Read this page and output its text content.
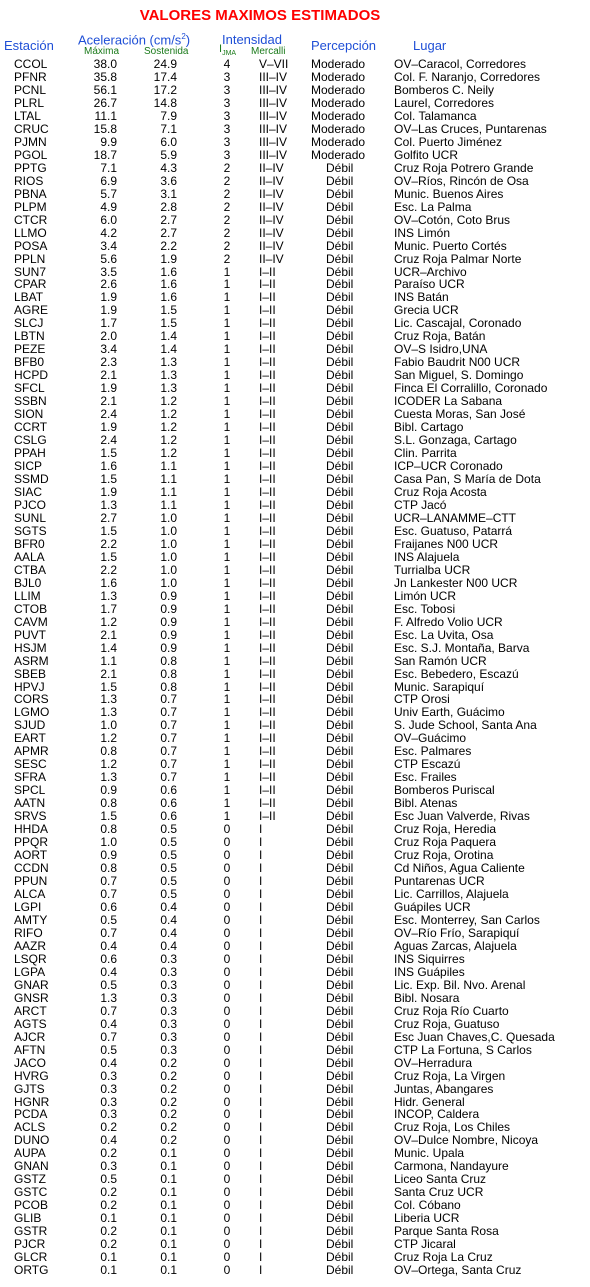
VALORES MAXIMOS ESTIMADOS
Estación Aceleración $(cm/s^2)$
Máxima Sostenida
Intensidad
$I_{JMA}$ Mercalli Percepción	Lugar
CCOL	38.0	24.9	4 V–VII Moderado OV–Caracol, Corredores
PFNR	35.8	17.4	3 III–IV Moderado Col. F. Naranjo, Corredores
PCNL	56.1	17.2	3 III–IV Moderado Bomberos C. Neily
PLRL	26.7	14.8	3 III–IV Moderado Laurel, Corredores
LTAL	11.1	7.9	3 III–IV Moderado Col. Talamanca
CRUC	15.8	7.1	3 III–IV Moderado OV–Las Cruces, Puntarenas
PJMN	9.9	6.0	3 III–IV Moderado Col. Puerto Jiménez
PGOL	18.7	5.9	3 III–IV Moderado Golfito UCR
PPTG	7.1	4.3	2 II–IV	Débil	Cruz Roja Potrero Grande
RIOS	6.9	3.6	2 II–IV	Débil	OV–Ríos, Rincón de Osa
PBNA	5.7	3.1	2 II–IV	Débil	Munic. Buenos Aires
PLPM	4.9	2.8	2 II–IV	Débil	Esc. La Palma
CTCR	6.0	2.7	2 II–IV	Débil	OV–Cotón, Coto Brus
LLMO	4.2	2.7	2 II–IV	Débil	INS Limón
POSA	3.4	2.2	2 II–IV	Débil	Munic. Puerto Cortés
PPLN	5.6	1.9	2 II–IV	Débil	Cruz Roja Palmar Norte
SUN7	3.5	1.6	1 I–II	Débil	UCR–Archivo
CPAR	2.6	1.6	1 I–II	Débil	Paraíso UCR
LBAT	1.9	1.6	1 I–II	Débil	INS Batán
AGRE	1.9	1.5	1 I–II	Débil	Grecia UCR
SLCJ	1.7	1.5	1 I–II	Débil	Lic. Cascajal, Coronado
LBTN	2.0	1.4	1 I–II	Débil	Cruz Roja, Batán
PEZE	3.4	1.4	1 I–II	Débil	OV–S Isidro,UNA
BFB0	2.3	1.3	1 I–II	Débil	Fabio Baudrit N00 UCR
HCPD	2.1	1.3	1 I–II	Débil	San Miguel, S. Domingo
SFCL	1.9	1.3	1 I–II	Débil	Finca El Corralillo, Coronado
SSBN	2.1	1.2	1 I–II	Débil	ICODER La Sabana
SION	2.4	1.2	1 I–II	Débil	Cuesta Moras, San José
CCRT	1.9	1.2	1 I–II	Débil	Bibl. Cartago
CSLG	2.4	1.2	1 I–II	Débil	S.L. Gonzaga, Cartago
PPAH	1.5	1.2	1 I–II	Débil	Clin. Parrita
SICP	1.6	1.1	1 I–II	Débil	ICP–UCR Coronado
SSMD	1.5	1.1	1 I–II	Débil	Casa Pan, S María de Dota
SIAC	1.9	1.1	1 I–II	Débil	Cruz Roja Acosta
PJCO	1.3	1.1	1 I–II	Débil	CTP Jacó
SUNL	2.7	1.0	1 I–II	Débil	UCR–LANAMME–CTT
SGTS	1.5	1.0	1 I–II	Débil	Esc. Guatuso, Patarrá
BFR0	2.2	1.0	1 I–II	Débil	Fraijanes N00 UCR
AALA	1.5	1.0	1 I–II	Débil	INS Alajuela
CTBA	2.2	1.0	1 I–II	Débil	Turrialba UCR
BJL0	1.6	1.0	1 I–II	Débil	Jn Lankester N00 UCR
LLIM	1.3	0.9	1 I–II	Débil	Limón UCR
CTOB	1.7	0.9	1 I–II	Débil	Esc. Tobosi
CAVM	1.2	0.9	1 I–II	Débil	F. Alfredo Volio UCR
PUVT	2.1	0.9	1 I–II	Débil	Esc. La Uvita, Osa
HSJM	1.4	0.9	1 I–II	Débil	Esc. S.J. Montaña, Barva
ASRM	1.1	0.8	1 I–II	Débil	San Ramón UCR
SBEB	2.1	0.8	1 I–II	Débil	Esc. Bebedero, Escazú
HPVJ	1.5	0.8	1 I–II	Débil	Munic. Sarapiquí
CORS	1.3	0.7	1 I–II	Débil	CTP Orosi
LGMO	1.3	0.7	1 I–II	Débil	Univ Earth, Guácimo
SJUD	1.0	0.7	1 I–II	Débil	S. Jude School, Santa Ana
EART	1.2	0.7	1 I–II	Débil	OV–Guácimo
APMR	0.8	0.7	1 I–II	Débil	Esc. Palmares
SESC	1.2	0.7	1 I–II	Débil	CTP Escazú
SFRA	1.3	0.7	1 I–II	Débil	Esc. Frailes
SPCL	0.9	0.6	1 I–II	Débil	Bomberos Puriscal
AATN	0.8	0.6	1 I–II	Débil	Bibl. Atenas
SRVS	1.5	0.6	1 I–II	Débil	Esc Juan Valverde, Rivas
HHDA	0.8	0.5	0 I	Débil	Cruz Roja, Heredia
PPQR	1.0	0.5	0 I	Débil	Cruz Roja Paquera
AORT	0.9	0.5	0 I	Débil	Cruz Roja, Orotina
CCDN	0.8	0.5	0 I	Débil	Cd Niños, Agua Caliente
PPUN	0.7	0.5	0 I	Débil	Puntarenas UCR
ALCA	0.7	0.5	0 I	Débil	Lic. Carrillos, Alajuela
LGPI	0.6	0.4	0 I	Débil	Guápiles UCR
AMTY	0.5	0.4	0 I	Débil	Esc. Monterrey, San Carlos
RIFO	0.7	0.4	0 I	Débil	OV–Río Frío, Sarapiquí
AAZR	0.4	0.4	0 I	Débil	Aguas Zarcas, Alajuela
LSQR	0.6	0.3	0 I	Débil	INS Siquirres
LGPA	0.4	0.3	0 I	Débil	INS Guápiles
GNAR	0.5	0.3	0 I	Débil	Lic. Exp. Bil. Nvo. Arenal
GNSR	1.3	0.3	0 I	Débil	Bibl. Nosara
ARCT	0.7	0.3	0 I	Débil	Cruz Roja Río Cuarto
AGTS	0.4	0.3	0 I	Débil	Cruz Roja, Guatuso
AJCR	0.7	0.3	0 I	Débil	Esc Juan Chaves,C. Quesada
AFTN	0.5	0.3	0 I	Débil	CTP La Fortuna, S Carlos
JACO	0.4	0.2	0 I	Débil	OV–Herradura
HVRG	0.3	0.2	0 I	Débil	Cruz Roja, La Virgen
GJTS	0.3	0.2	0 I	Débil	Juntas, Abangares
HGNR	0.3	0.2	0 I	Débil	Hidr. General
PCDA	0.3	0.2	0 I	Débil	INCOP, Caldera
ACLS	0.2	0.2	0 I	Débil	Cruz Roja, Los Chiles
DUNO	0.4	0.2	0 I	Débil	OV–Dulce Nombre, Nicoya
AUPA	0.2	0.1	0 I	Débil	Munic. Upala
GNAN	0.3	0.1	0 I	Débil	Carmona, Nandayure
GSTZ	0.5	0.1	0 I	Débil	Liceo Santa Cruz
GSTC	0.2	0.1	0 I	Débil	Santa Cruz UCR
PCOB	0.2	0.1	0 I	Débil	Col. Cóbano
GLIB	0.1	0.1	0 I	Débil	Liberia UCR
GSTR	0.2	0.1	0 I	Débil	Parque Santa Rosa
PJCR	0.2	0.1	0 I	Débil	CTP Jicaral
GLCR	0.1	0.1	0 I	Débil	Cruz Roja La Cruz
ORTG	0.1	0.1	0 I	Débil	OV–Ortega, Santa Cruz
